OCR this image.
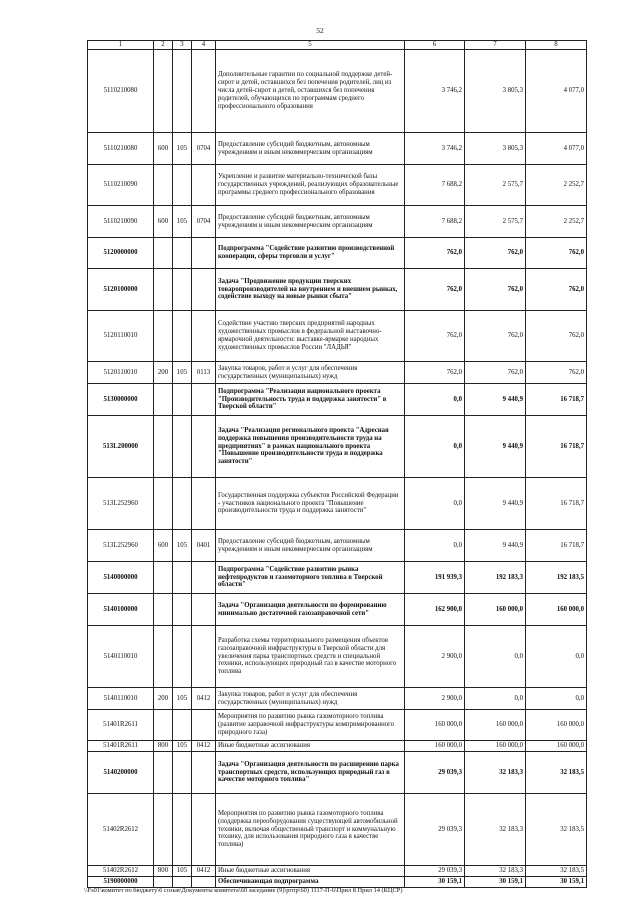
52
1	2	3	4	5	6	7	8
5110210080				Дополнительные гарантии по социальной поддержке детей-сирот и детей, оставшихся без попечения родителей, лиц из числа детей-сирот и детей, оставшихся без попечения родителей, обучающихся по программам среднего профессионального образования	3 746,2	3 805,3	4 077,0
5110210080	600	105	0704	Предоставление субсидий бюджетным, автономным учреждениям и иным некоммерческим организациям	3 746,2	3 805,3	4 077,0
5110210090				Укрепление и развитие материально-технической базы государственных учреждений, реализующих образовательные программы среднего профессионального образования	7 688,2	2 575,7	2 252,7
5110210090	600	105	0704	Предоставление субсидий бюджетным, автономным учреждениям и иным некоммерческим организациям	7 688,2	2 575,7	2 252,7
5120000000				Подпрограмма "Содействие развитию производственной кооперации, сферы торговли и услуг"	762,0	762,0	762,0
5120100000				Задача "Продвижение продукции тверских товаропроизводителей на внутреннем и внешнем рынках, содействие выходу на новые рынки сбыта"	762,0	762,0	762,0
5120110010				Содействие участию тверских предприятий народных художественных промыслов в федеральной выставочно-ярмарочной деятельности: выставке-ярмарке народных художественных промыслов России "ЛАДЬЯ"	762,0	762,0	762,0
5120110010	200	105	0113	Закупка товаров, работ и услуг для обеспечения государственных (муниципальных) нужд	762,0	762,0	762,0
5130000000				Подпрограмма "Реализация национального проекта "Производительность труда и поддержка занятости" в Тверской области"	0,0	9 440,9	16 718,7
513L200000				Задача "Реализация регионального проекта "Адресная поддержка повышения производительности труда на предприятиях" в рамках национального проекта "Повышение производительности труда и поддержка занятости"	0,0	9 440,9	16 718,7
513L252960				Государственная поддержка субъектов Российской Федерации - участников национального проекта "Повышение производительности труда и поддержка занятости"	0,0	9 440,9	16 718,7
513L252960	600	105	0401	Предоставление субсидий бюджетным, автономным учреждениям и иным некоммерческим организациям	0,0	9 440,9	16 718,7
5140000000				Подпрограмма "Содействие развитию рынка нефтепродуктов и газомоторного топлива в Тверской области"	191 939,3	192 183,3	192 183,5
5140100000				Задача "Организация деятельности по формированию минимально достаточной газозаправочной сети"	162 900,0	160 000,0	160 000,0
5140110010				Разработка схемы территориального размещения объектов газозаправочной инфраструктуры в Тверской области для увеличения парка транспортных средств и специальной техники, использующих природный газ в качестве моторного топлива	2 900,0	0,0	0,0
5140110010	200	105	0412	Закупка товаров, работ и услуг для обеспечения государственных (муниципальных) нужд	2 900,0	0,0	0,0
51401R2611				Мероприятия по развитию рынка газомоторного топлива (развитие заправочной инфраструктуры компримированного природного газа)	160 000,0	160 000,0	160 000,0
51401R2611	800	105	0412	Иные бюджетные ассигнования	160 000,0	160 000,0	160 000,0
5140200000				Задача "Организация деятельности по расширению парка транспортных средств, использующих природный газ в качестве моторного топлива"	29 039,3	32 183,3	32 183,5
51402R2612				Мероприятия по развитию рынка газомоторного топлива (поддержка переоборудования существующей автомобильной техники, включая общественный транспорт и коммунальную технику, для использования природного газа в качестве топлива)	29 039,3	32 183,3	32 183,5
51402R2612	800	105	0412	Иные бюджетные ассигнования	29 039,3	32 183,3	32 183,5
5190000000				Обеспечивающая подпрограмма	30 159,1	30 159,1	30 159,1
\\Fs01\комитет по бюджету\6 созыв\Документы комитета\60 заседание (9)\ргпр\60) 1117-П-6\Прил 8 Прил 14 (КЦСР)
